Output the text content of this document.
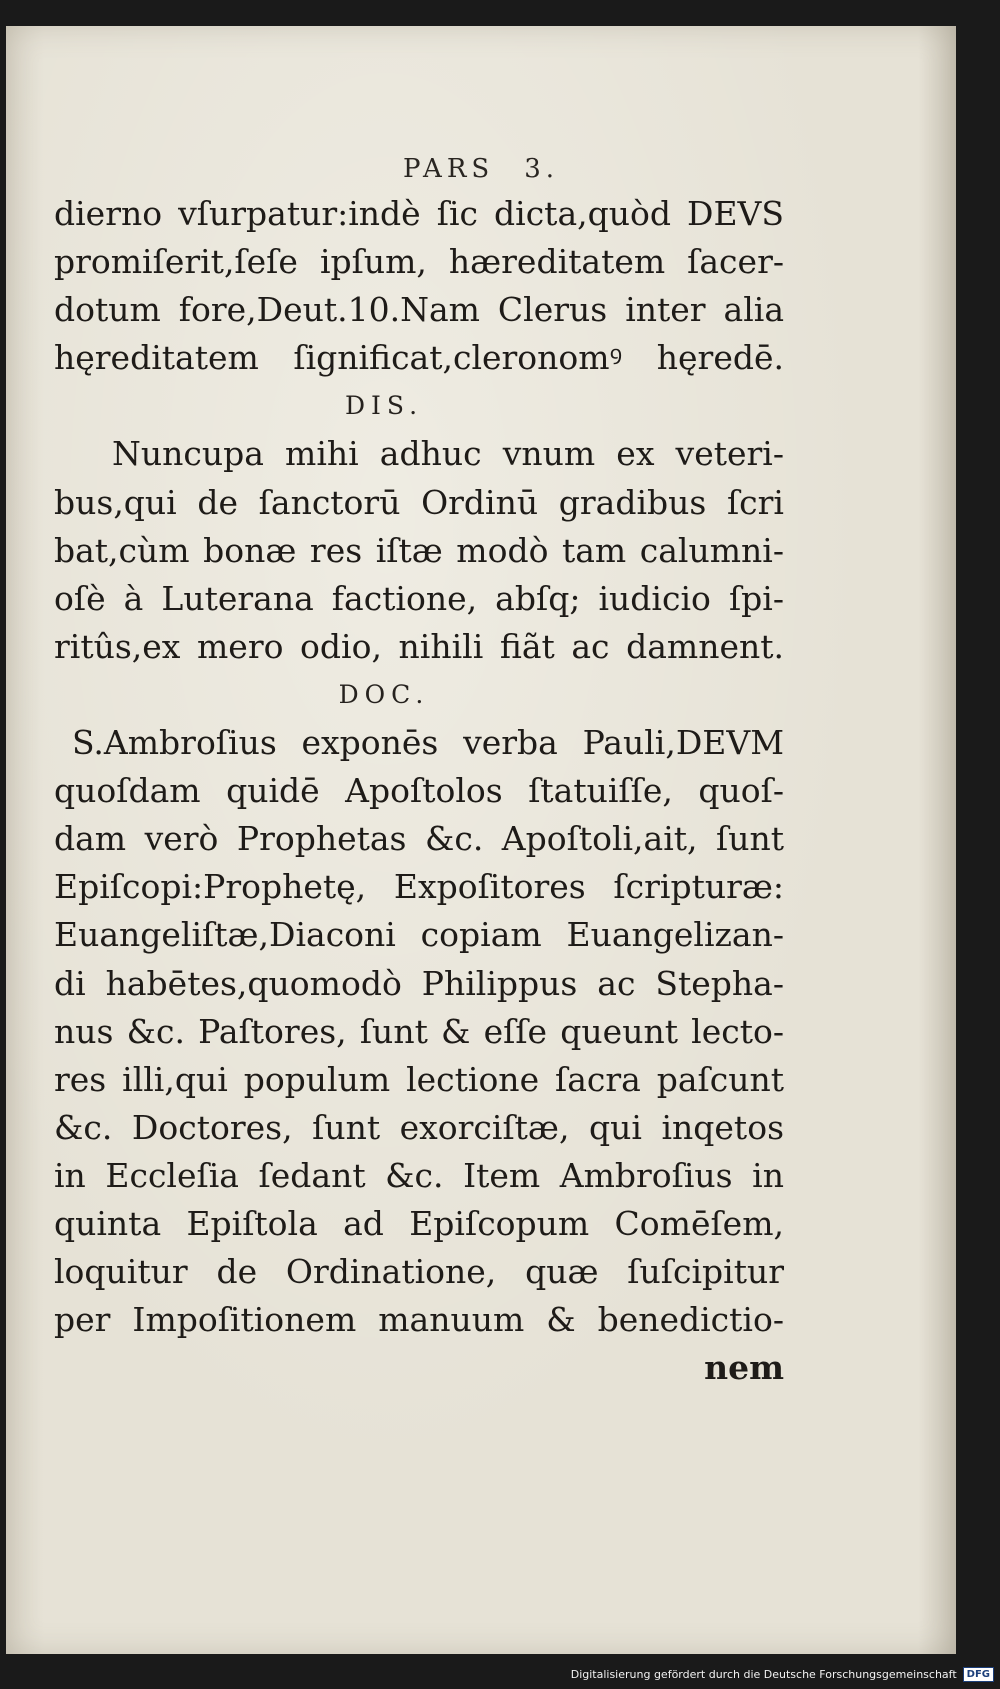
PARS 3.
dierno vſurpatur:indè ſic dicta,quòd DEVS
promiſerit,ſeſe ipſum, hæreditatem ſacer-
dotum fore,Deut.10.Nam Clerus inter alia
hęreditatem ſignificat,cleronomꝰ hęredē.
DIS.
Nuncupa mihi adhuc vnum ex veteri-
bus,qui de ſanctorū Ordinū gradibus ſcri
bat,cùm bonæ res iſtæ modò tam calumni-
oſè à Luterana factione, abſq; iudicio ſpi-
ritûs,ex mero odio, nihili fiãt ac damnent.
DOC.
S.Ambroſius exponēs verba Pauli,DEVM
quoſdam quidē Apoſtolos ſtatuiſſe, quoſ-
dam verò Prophetas &c. Apoſtoli,ait, ſunt
Epiſcopi:Prophetę, Expoſitores ſcripturæ:
Euangeliſtæ,Diaconi copiam Euangelizan-
di habētes,quomodò Philippus ac Stepha-
nus &c. Paſtores, ſunt & eſſe queunt lecto-
res illi,qui populum lectione ſacra paſcunt
&c. Doctores, ſunt exorciſtæ, qui inqetos
in Eccleſia ſedant &c. Item Ambroſius in
quinta Epiſtola ad Epiſcopum Comēſem,
loquitur de Ordinatione, quæ ſuſcipitur
per Impoſitionem manuum & benedictio-
nem
Digitalisierung gefördert durch die Deutsche Forschungsgemeinschaft	DFG
